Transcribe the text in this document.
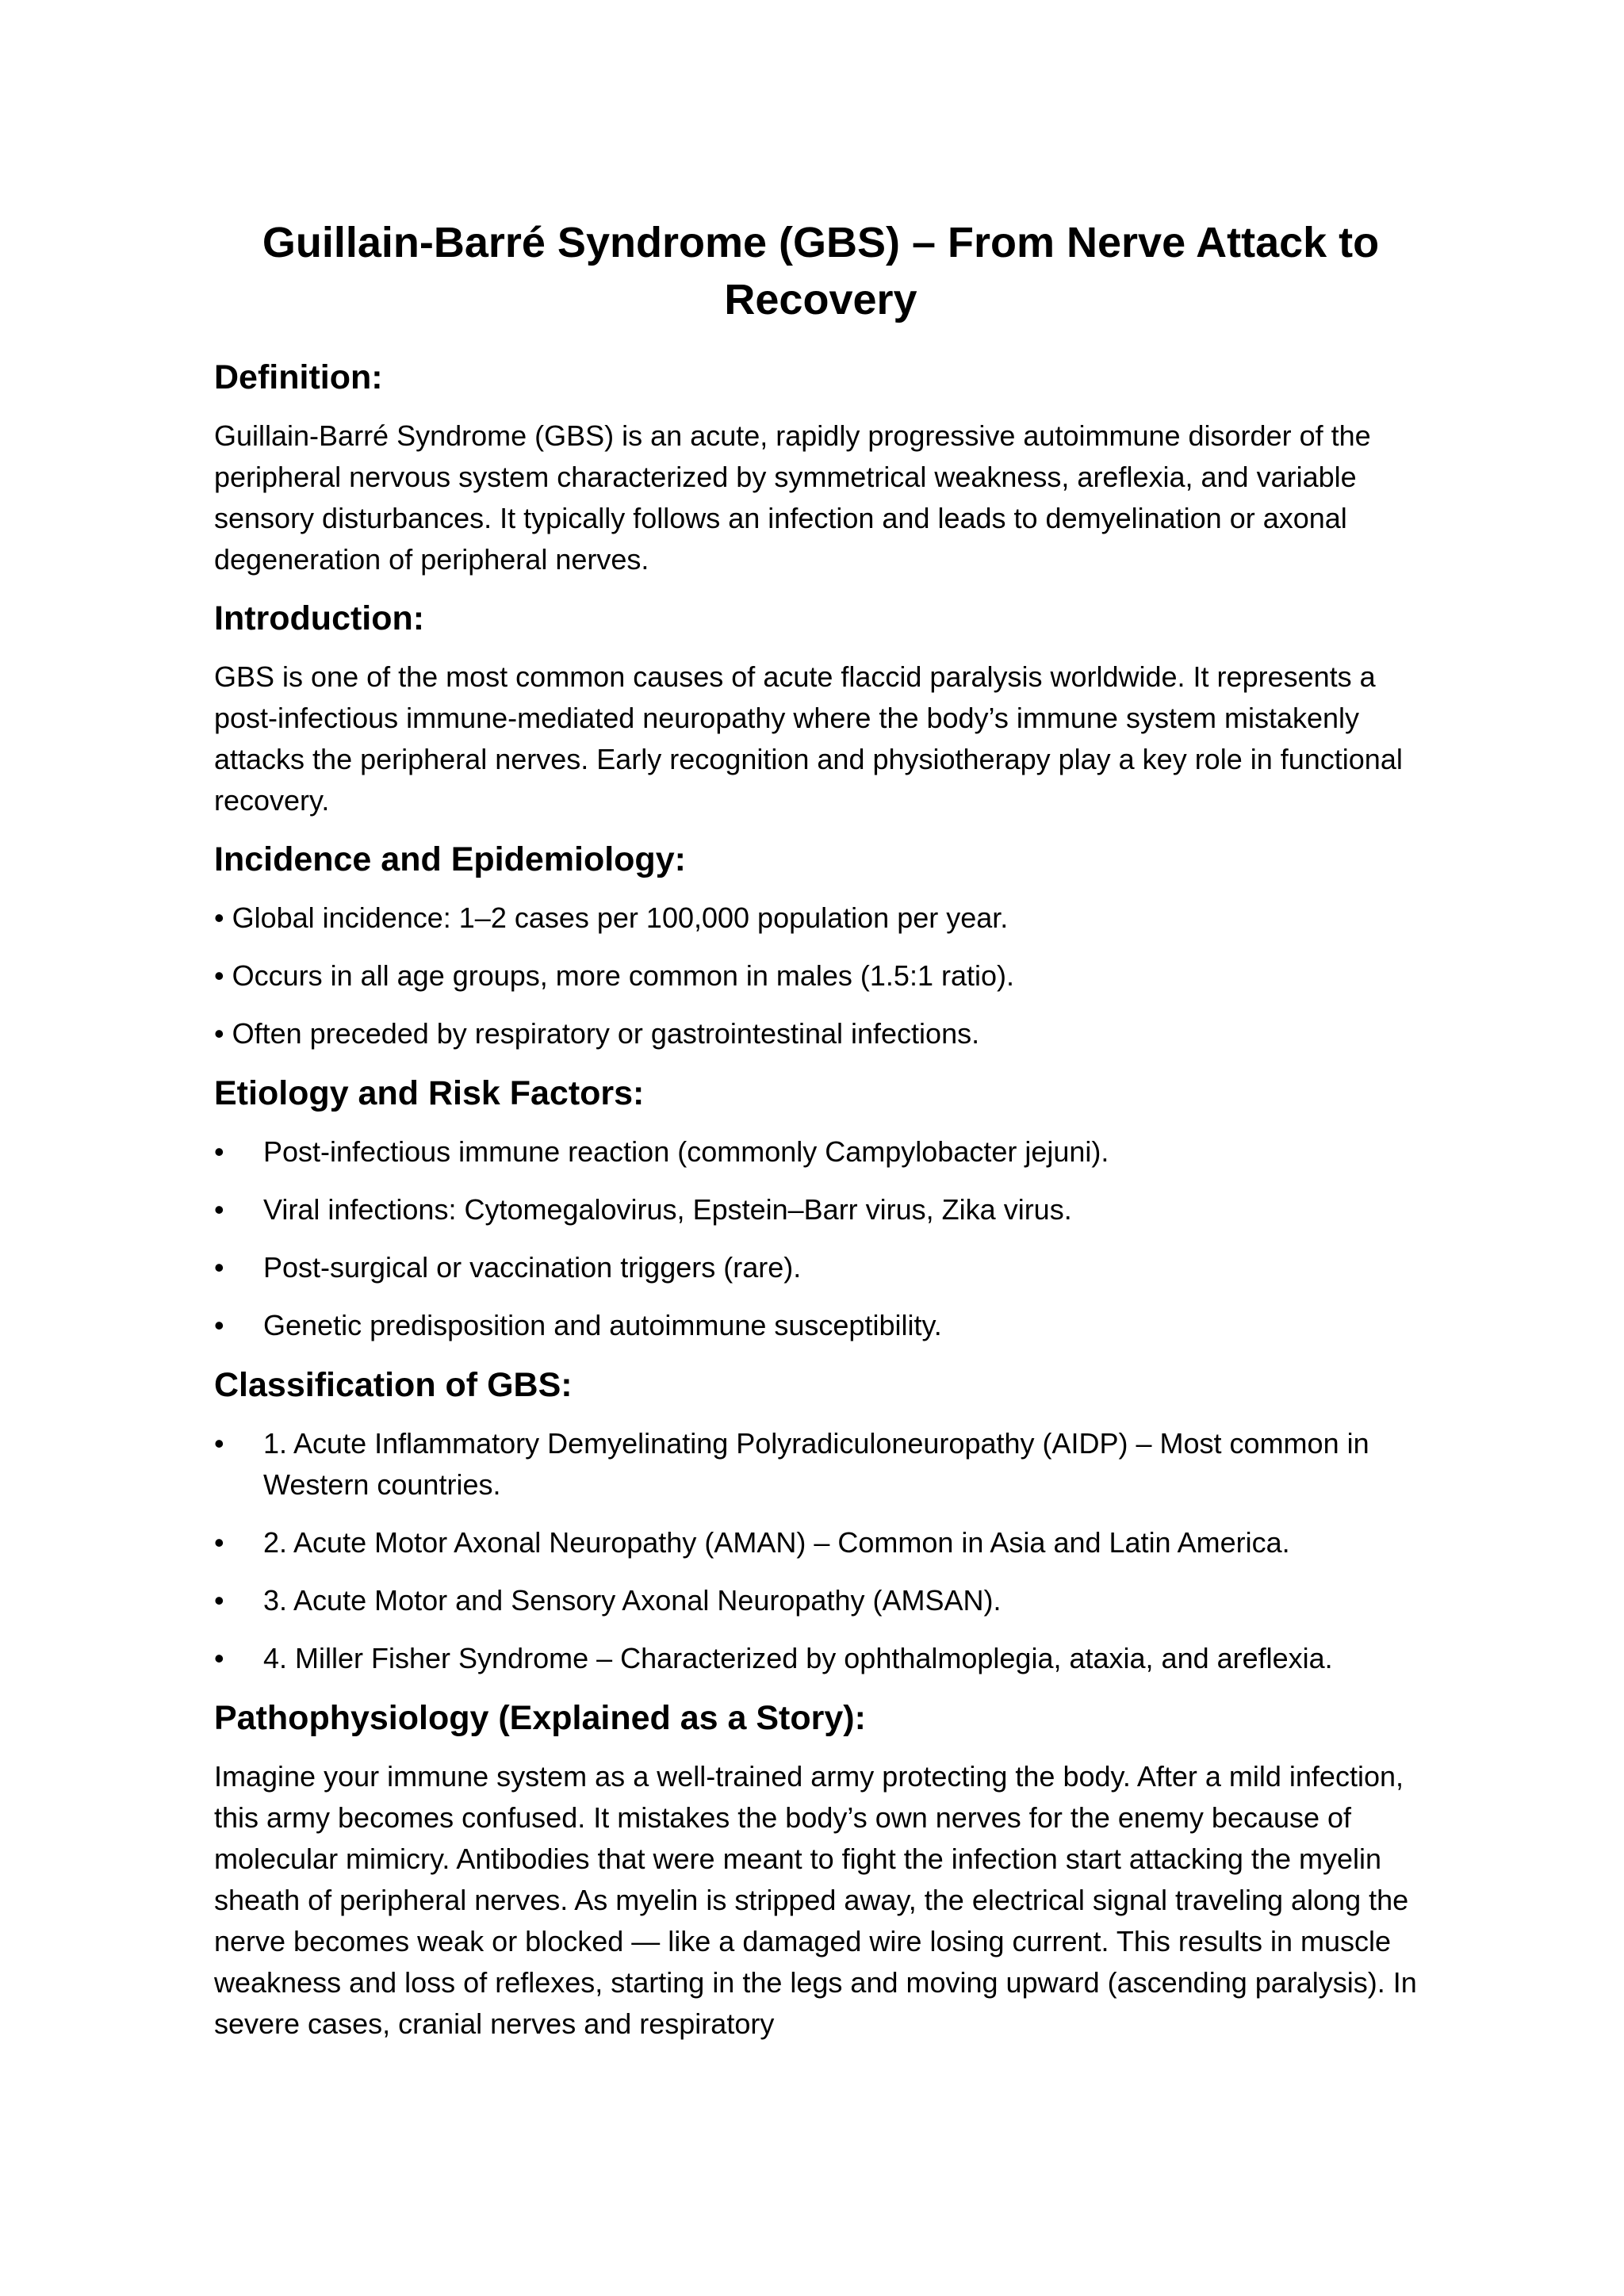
Guillain-Barré Syndrome (GBS) – From Nerve Attack to Recovery
Definition:

Guillain-Barré Syndrome (GBS) is an acute, rapidly progressive autoimmune disorder of the peripheral nervous system characterized by symmetrical weakness, areflexia, and variable sensory disturbances. It typically follows an infection and leads to demyelination or axonal degeneration of peripheral nerves.

Introduction:

GBS is one of the most common causes of acute flaccid paralysis worldwide. It represents a post-infectious immune-mediated neuropathy where the body’s immune system mistakenly attacks the peripheral nerves. Early recognition and physiotherapy play a key role in functional recovery.

Incidence and Epidemiology:

• Global incidence: 1–2 cases per 100,000 population per year.

• Occurs in all age groups, more common in males (1.5:1 ratio).

• Often preceded by respiratory or gastrointestinal infections.

Etiology and Risk Factors:
•	Post-infectious immune reaction (commonly Campylobacter jejuni).
•	Viral infections: Cytomegalovirus, Epstein–Barr virus, Zika virus.
•	Post-surgical or vaccination triggers (rare).
•	Genetic predisposition and autoimmune susceptibility.
Classification of GBS:
•	1. Acute Inflammatory Demyelinating Polyradiculoneuropathy (AIDP) – Most common in Western countries.
•	2. Acute Motor Axonal Neuropathy (AMAN) – Common in Asia and Latin America.
•	3. Acute Motor and Sensory Axonal Neuropathy (AMSAN).
•	4. Miller Fisher Syndrome – Characterized by ophthalmoplegia, ataxia, and areflexia.
Pathophysiology (Explained as a Story):

Imagine your immune system as a well-trained army protecting the body. After a mild infection, this army becomes confused. It mistakes the body’s own nerves for the enemy because of molecular mimicry. Antibodies that were meant to fight the infection start attacking the myelin sheath of peripheral nerves. As myelin is stripped away, the electrical signal traveling along the nerve becomes weak or blocked — like a damaged wire losing current. This results in muscle weakness and loss of reflexes, starting in the legs and moving upward (ascending paralysis). In severe cases, cranial nerves and respiratory
